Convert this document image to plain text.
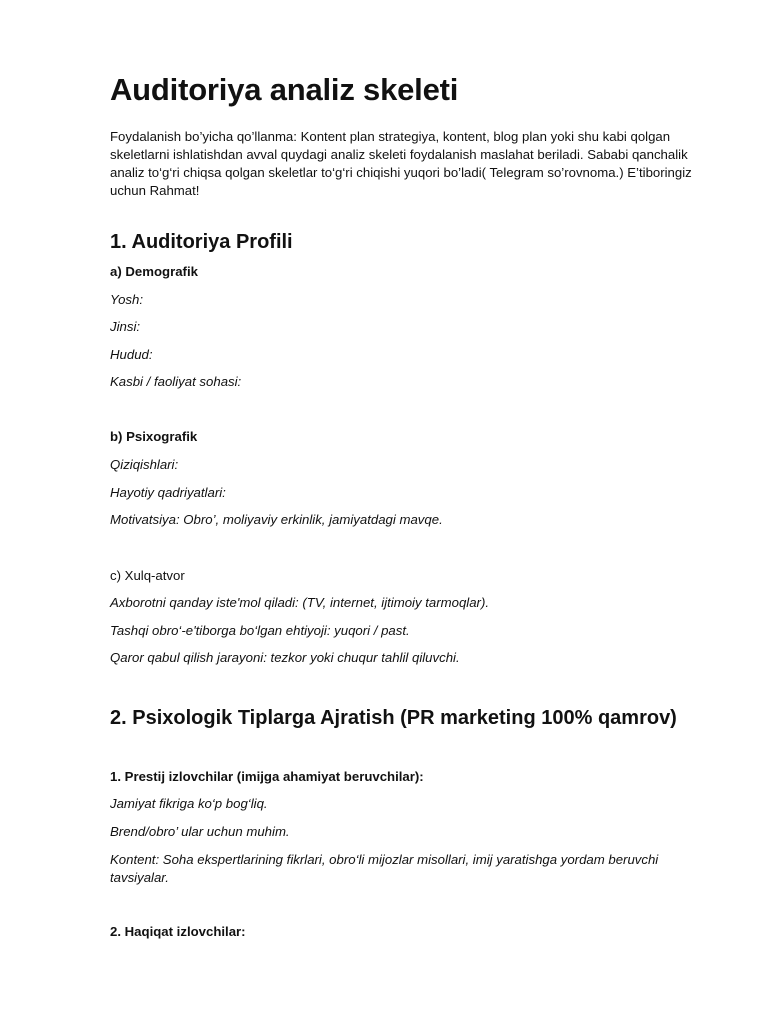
Auditoriya analiz skeleti

Foydalanish bo’yicha qo’llanma: Kontent plan strategiya, kontent, blog plan yoki shu kabi qolgan skeletlarni ishlatishdan avval quydagi analiz skeleti foydalanish maslahat beriladi. Sababi qanchalik analiz to‘g‘ri chiqsa qolgan skeletlar to‘g‘ri chiqishi yuqori bo’ladi( Telegram so’rovnoma.) E’tiboringiz uchun Rahmat!

1. Auditoriya Profili
a) Demografik

Yosh:

Jinsi:

Hudud:

Kasbi / faoliyat sohasi:

b) Psixografik

Qiziqishlari:

Hayotiy qadriyatlari:

Motivatsiya: Obro’, moliyaviy erkinlik, jamiyatdagi mavqe.

c) Xulq-atvor

Axborotni qanday iste'mol qiladi: (TV, internet, ijtimoiy tarmoqlar).

Tashqi obro‘-e'tiborga bo‘lgan ehtiyoji: yuqori / past.

Qaror qabul qilish jarayoni: tezkor yoki chuqur tahlil qiluvchi.

2. Psixologik Tiplarga Ajratish (PR marketing 100% qamrov)
1. Prestij izlovchilar (imijga ahamiyat beruvchilar):

Jamiyat fikriga ko‘p bog‘liq.

Brend/obro’ ular uchun muhim.

Kontent: Soha ekspertlarining fikrlari, obro‘li mijozlar misollari, imij yaratishga yordam beruvchi tavsiyalar.

2. Haqiqat izlovchilar:
